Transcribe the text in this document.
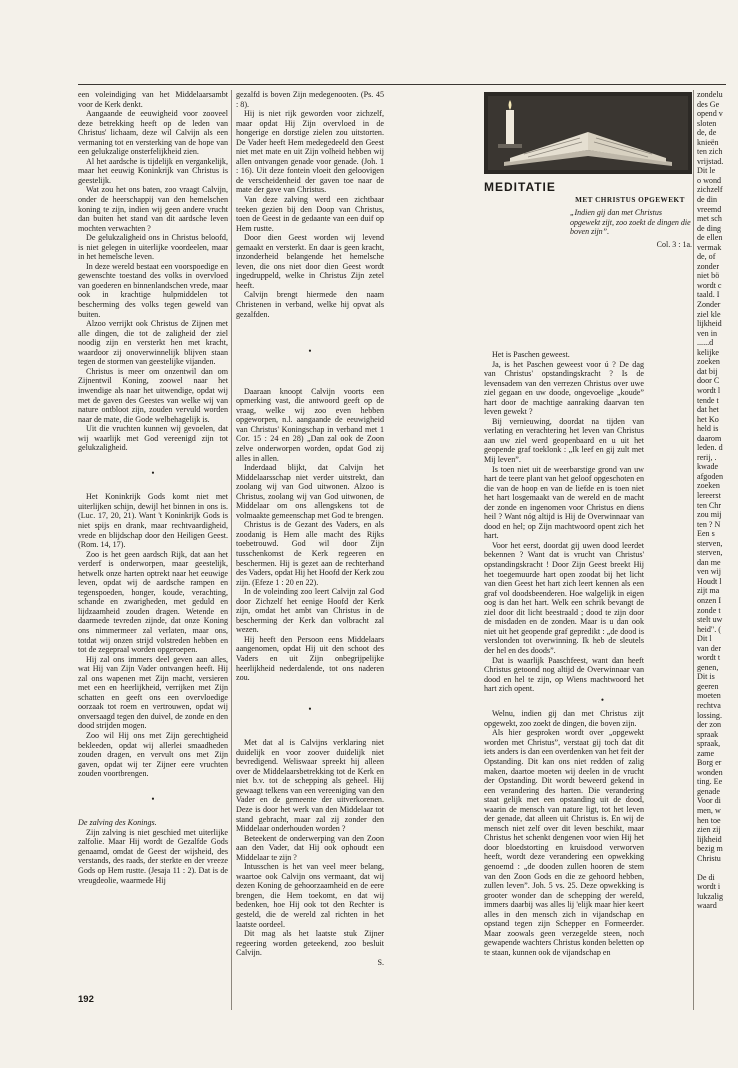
een voleindiging van het Middelaarsambt voor de Kerk denkt.

Aangaande de eeuwigheid voor zooveel deze betrekking heeft op de leden van Christus' lichaam, deze wil Calvijn als een vermaning tot en versterking van de hope van een gelukzalige onsterfelijkheid zien.

Al het aardsche is tijdelijk en vergankelijk, maar het eeuwig Koninkrijk van Christus is geestelijk.

Wat zou het ons baten, zoo vraagt Calvijn, onder de heerschappij van den hemelschen koning te zijn, indien wij geen andere vrucht dan buiten het stand van dit aardsche leven mochten verwachten ?

De gelukzaligheid ons in Christus beloofd, is niet gelegen in uiterlijke voordeelen, maar in het hemelsche leven.

In deze wereld bestaat een voorspoedige en gewenschte toestand des volks in overvloed van goederen en binnenlandschen vrede, maar ook in krachtige hulpmiddelen tot bescherming des volks tegen geweld van buiten.

Alzoo verrijkt ook Christus de Zijnen met alle dingen, die tot de zaligheid der ziel noodig zijn en versterkt hen met kracht, waardoor zij onoverwinnelijk blijven staan tegen de stormen van geestelijke vijanden.

Christus is meer om onzentwil dan om Zijnentwil Koning, zoowel naar het inwendige als naar het uitwendige, opdat wij met de gaven des Geestes van welke wij van nature ontbloot zijn, zouden vervuld worden naar de mate, die Gode welbehagelijk is.

Uit die vruchten kunnen wij gevoelen, dat wij waarlijk met God vereenigd zijn tot gelukzaligheid.

•

Het Koninkrijk Gods komt niet met uiterlijken schijn, dewijl het binnen in ons is. (Luc. 17, 20, 21). Want 't Koninkrijk Gods is niet spijs en drank, maar rechtvaardigheid, vrede en blijdschap door den Heiligen Geest. (Rom. 14, 17).

Zoo is het geen aardsch Rijk, dat aan het verderf is onderworpen, maar geestelijk, hetwelk onze harten optrekt naar het eeuwige leven, opdat wij de aardsche rampen en tegenspoeden, honger, koude, verachting, schande en zwarigheden, met geduld en lijdzaamheid zouden dragen. Wetende en daarmede tevreden zijnde, dat onze Koning ons nimmermeer zal verlaten, maar ons, totdat wij onzen strijd volstreden hebben en tot de zegepraal worden opgeroepen.

Hij zal ons immers deel geven aan alles, wat Hij van Zijn Vader ontvangen heeft. Hij zal ons wapenen met Zijn macht, versieren met een en heerlijkheid, verrijken met Zijn schatten en geeft ons een overvloedige oorzaak tot roem en vertrouwen, opdat wij onversaagd tegen den duivel, de zonde en den dood strijden mogen.

Zoo wil Hij ons met Zijn gerechtigheid bekleeden, opdat wij allerlei smaadheden zouden dragen, en vervult ons met Zijn gaven, opdat wij ter Zijner eere vruchten zouden voortbrengen.

•

De zalving des Konings.

Zijn zalving is niet geschied met uiterlijke zalfolie. Maar Hij wordt de Gezalfde Gods genaamd, omdat de Geest der wijsheid, des verstands, des raads, der sterkte en der vreeze Gods op Hem rustte. (Jesaja 11 : 2). Dat is de vreugdeolie, waarmede Hij

gezalfd is boven Zijn medegenooten. (Ps. 45 : 8).

Hij is niet rijk geworden voor zichzelf, maar opdat Hij Zijn overvloed in de hongerige en dorstige zielen zou uitstorten. De Vader heeft Hem medegedeeld den Geest niet met mate en uit Zijn volheid hebben wij allen ontvangen genade voor genade. (Joh. 1 : 16). Uit deze fontein vloeit den geloovigen de verscheidenheid der gaven toe naar de mate der gave van Christus.

Van deze zalving werd een zichtbaar teeken gezien bij den Doop van Christus, toen de Geest in de gedaante van een duif op Hem rustte.

Door dien Geest worden wij levend gemaakt en versterkt. En daar is geen kracht, inzonderheid belangende het hemelsche leven, die ons niet door dien Geest wordt ingedruppeld, welke in Christus Zijn zetel heeft.

Calvijn brengt hiermede den naam Christenen in verband, welke hij opvat als gezalfden.

•

Daaraan knoopt Calvijn voorts een opmerking vast, die antwoord geeft op de vraag, welke wij zoo even hebben opgeworpen, n.l. aangaande de eeuwigheid van Christus' Koningschap in verband met 1 Cor. 15 : 24 en 28) „Dan zal ook de Zoon zelve onderworpen worden, opdat God zij alles in allen.

Inderdaad blijkt, dat Calvijn het Middelaarsschap niet verder uitstrekt, dan zoolang wij van God uitwonen. Alzoo is Christus, zoolang wij van God uitwonen, de Middelaar om ons allengskens tot de volmaakte gemeenschap met God te brengen.

Christus is de Gezant des Vaders, en als zoodanig is Hem alle macht des Rijks toebetrouwd. God wil door Zijn tusschenkomst de Kerk regeeren en beschermen. Hij is gezet aan de rechterhand des Vaders, opdat Hij het Hoofd der Kerk zou zijn. (Efeze 1 : 20 en 22).

In de voleinding zoo leert Calvijn zal God door Zichzelf het eenige Hoofd der Kerk zijn, omdat het ambt van Christus in de bescherming der Kerk dan volbracht zal wezen.

Hij heeft den Persoon eens Middelaars aangenomen, opdat Hij uit den schoot des Vaders en uit Zijn onbegrijpelijke heerlijkheid nederdalende, tot ons naderen zou.

•

Met dat al is Calvijns verklaring niet duidelijk en voor zoover duidelijk niet bevredigend. Weliswaar spreekt hij alleen over de Middelaarsbetrekking tot de Kerk en niet b.v. tot de schepping als geheel. Hij gewaagt telkens van een vereeniging van den Vader en de gemeente der uitverkorenen. Deze is door het werk van den Middelaar tot stand gebracht, maar zal zij zonder den Middelaar onderhouden worden ?

Beteekent de onderwerping van den Zoon aan den Vader, dat Hij ook ophoudt een Middelaar te zijn ?

Intusschen is het van veel meer belang, waartoe ook Calvijn ons vermaant, dat wij dezen Koning de gehoorzaamheid en de eere brengen, die Hem toekomt, en dat wij bedenken, hoe Hij ook tot den Rechter is gesteld, die de wereld zal richten in het laatste oordeel.

Dit mag als het laatste stuk Zijner regeering worden geteekend, zoo besluit Calvijn.

S.

MEDITATIE
MET CHRISTUS OPGEWEKT
„Indien gij dan met Christus opgewekt zijt, zoo zoekt de dingen die boven zijn”.
Col. 3 : 1a.

Het is Paschen geweest.

Ja, is het Paschen geweest voor ú ? De dag van Christus' opstandingskracht ? Is de levensadem van den verrezen Christus over uwe ziel gegaan en uw doode, ongevoelige „koude” hart door de machtige aanraking daarvan ten leven gewekt ?

Bij vernieuwing, doordat na tijden van verlating en verachtering het leven van Christus aan uw ziel werd geopenbaard en u uit het geopende graf toeklonk : „Ik leef en gij zult met Mij leven”.

Is toen niet uit de weerbarstige grond van uw hart de teere plant van het geloof opgeschoten en die van de hoop en van de liefde en is toen niet het hart losgemaakt van de wereld en de macht der zonde en ingenomen voor Christus en diens heil ? Want nóg altijd is Hij de Overwinnaar van dood en hel; op Zijn machtwoord opent zich het hart.

Voor het eerst, doordat gij uwen dood leerdet bekennen ? Want dat is vrucht van Christus' opstandingskracht ! Door Zijn Geest breekt Hij het toegemuurde hart open zoodat bij het licht van dien Geest het hart zich leert kennen als een graf vol doodsbeenderen. Hoe walgelijk in eigen oog is dan het hart. Welk een schrik bevangt de ziel door dit licht beestraald ; dood te zijn door de misdaden en de zonden. Maar is u dan ook niet uit het geopende graf gepredikt : „de dood is verslonden tot overwinning. Ik heb de sleutels der hel en des doods”.

Dat is waarlijk Paaschfeest, want dan heeft Christus getoond nog altijd de Overwinnaar van dood en hel te zijn, op Wiens machtwoord het hart zich opent.

•

Welnu, indien gij dan met Christus zijt opgewekt, zoo zoekt de dingen, die boven zijn.

Als hier gesproken wordt over „opgewekt worden met Christus”, verstaat gij toch dat dit iets anders is dan een overdenken van het feit der Opstanding. Dit kan ons niet redden of zalig maken, daartoe moeten wij deelen in de vrucht der Opstanding. Dit wordt beweerd gekend in een verandering des harten. Die verandering staat gelijk met een opstanding uit de dood, waarin de mensch van nature ligt, tot het leven der genade, dat alleen uit Christus is. En wij de mensch niet zelf over dit leven beschikt, maar Christus het schenkt dengenen voor wien Hij het door bloedstorting en kruisdood verworven heeft, wordt deze verandering een opwekking genoemd : „de dooden zullen hooren de stem van den Zoon Gods en die ze gehoord hebben, zullen leven”. Joh. 5 vs. 25. Deze opwekking is grooter wonder dan de schepping der wereld, immers daarbij was alles lij 'elijk maar hier keert alles in den mensch zich in vijandschap en opstand tegen zijn Schepper en Formeerder. Maar zoowals geen verzegelde steen, noch gewapende wachters Christus konden beletten op te staan, kunnen ook de vijandschap en

zondelu
des Ge
opend v
sloten
de, de
knieën
ten zich
vrijstad.
Dit le
o wond
zichzelf
de din
vreemd
met sch
de ding
de ellen
vermak
de, of
zonder
niet bö
wordt c
taald. I
Zonder
ziel kle
lijkheid
ven in
......d
kelijke
zoeken
dat bij
door C
wordt l
tende t
dat het
het Ko
held is
daarom
leden. d
rerij, .
kwade
afgoden
zoeken
lereerst
ten Chr
zou mij
ten ? N
Een s
sterven,
sterven,
dan me
ven wij
Houdt l
zijt ma
onzen I
zonde t
stelt uw
heid". (
Dit l
van der
wordt t
genen,
Dit is
geeren
moeten
rechtva
lossing.
der zon
spraak
spraak,
zame
Borg er
wonden
ting. Ee
genade
Voor di
men, w
hen toe
zien zij
lijkheid
bezig m
Christu

De di
wordt i
lukzalig
waard
192
